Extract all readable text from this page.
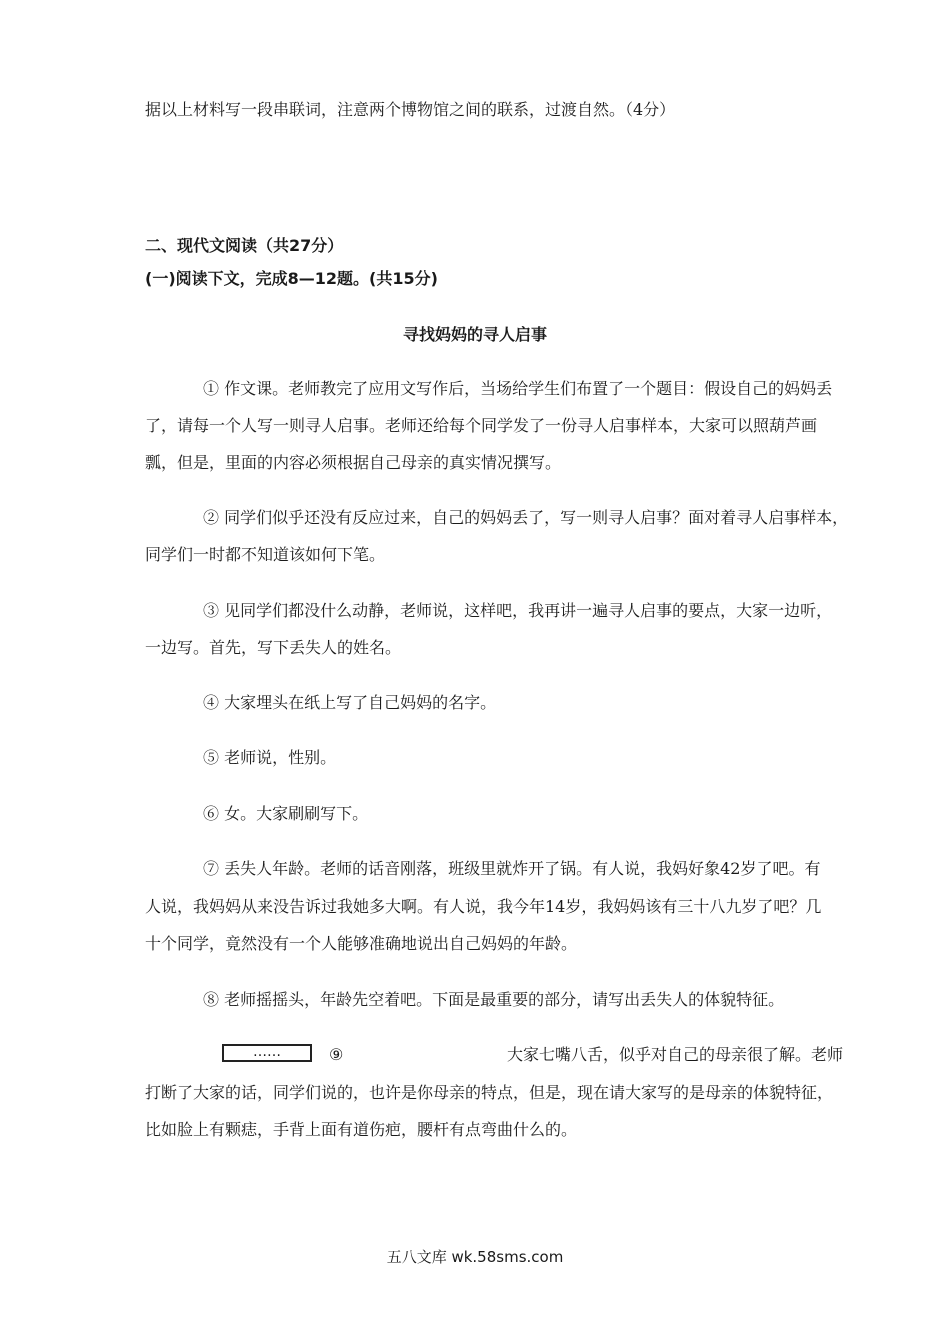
据以上材料写一段串联词，注意两个博物馆之间的联系，过渡自然。（4分）
二、现代文阅读（共27分）
(一)阅读下文，完成8—12题。(共15分)
寻找妈妈的寻人启事
① 作文课。老师教完了应用文写作后，当场给学生们布置了一个题目：假设自己的妈妈丢
了，请每一个人写一则寻人启事。老师还给每个同学发了一份寻人启事样本，大家可以照葫芦画
瓢，但是，里面的内容必须根据自己母亲的真实情况撰写。
② 同学们似乎还没有反应过来，自己的妈妈丢了，写一则寻人启事？面对着寻人启事样本，
同学们一时都不知道该如何下笔。
③ 见同学们都没什么动静，老师说，这样吧，我再讲一遍寻人启事的要点，大家一边听，
一边写。首先，写下丢失人的姓名。
④ 大家埋头在纸上写了自己妈妈的名字。
⑤ 老师说，性别。
⑥ 女。大家刷刷写下。
⑦ 丢失人年龄。老师的话音刚落，班级里就炸开了锅。有人说，我妈好象42岁了吧。有
人说，我妈妈从来没告诉过我她多大啊。有人说，我今年14岁，我妈妈该有三十八九岁了吧？几
十个同学，竟然没有一个人能够准确地说出自己妈妈的年龄。
⑧ 老师摇摇头，年龄先空着吧。下面是最重要的部分，请写出丢失人的体貌特征。
……	⑨	大家七嘴八舌，似乎对自己的母亲很了解。老师
打断了大家的话，同学们说的，也许是你母亲的特点，但是，现在请大家写的是母亲的体貌特征，
比如脸上有颗痣，手背上面有道伤疤，腰杆有点弯曲什么的。
五八文库 wk.58sms.com
